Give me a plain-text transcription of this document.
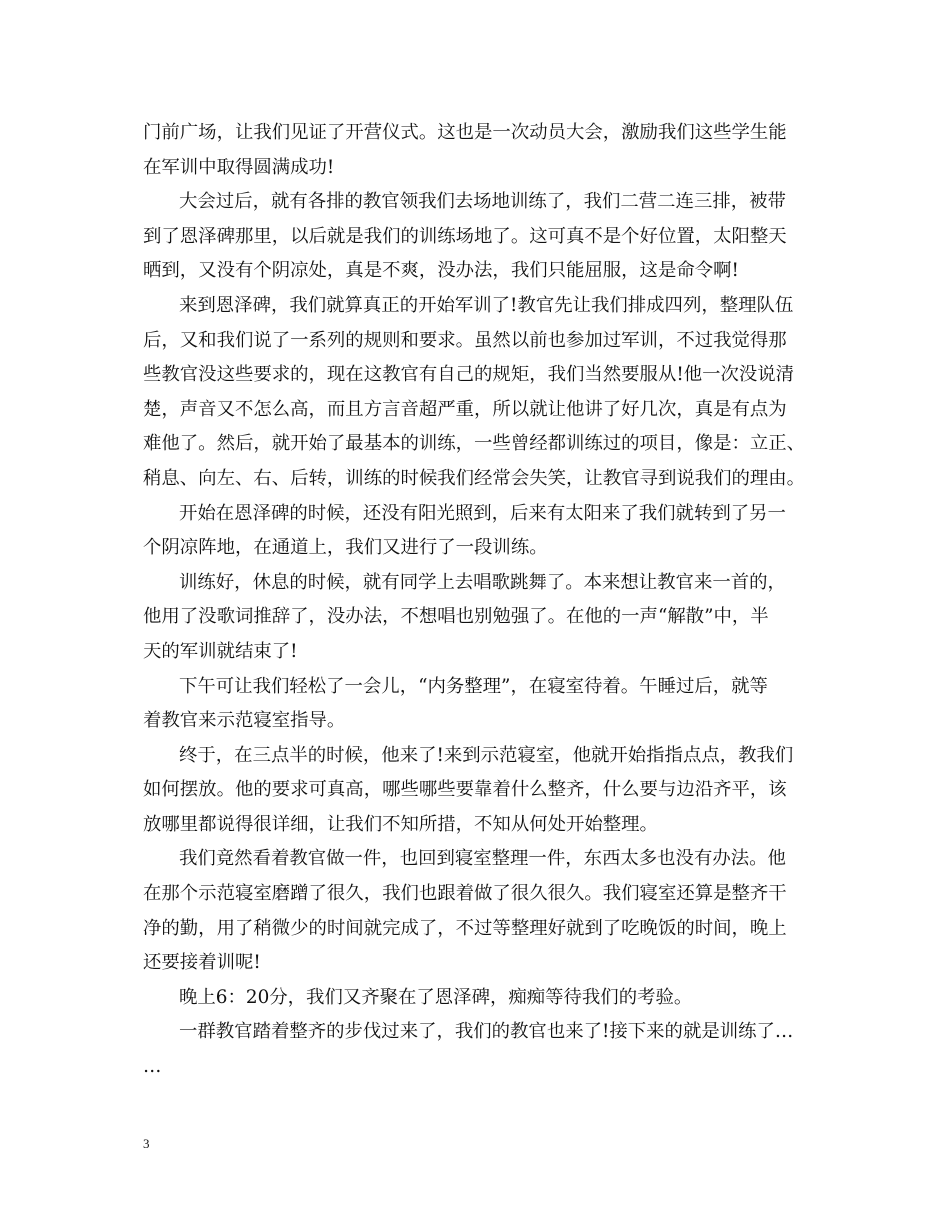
门前广场，让我们见证了开营仪式。这也是一次动员大会，激励我们这些学生能
在军训中取得圆满成功!
大会过后，就有各排的教官领我们去场地训练了，我们二营二连三排，被带
到了恩泽碑那里，以后就是我们的训练场地了。这可真不是个好位置，太阳整天
晒到，又没有个阴凉处，真是不爽，没办法，我们只能屈服，这是命令啊!
来到恩泽碑，我们就算真正的开始军训了!教官先让我们排成四列，整理队伍
后，又和我们说了一系列的规则和要求。虽然以前也参加过军训，不过我觉得那
些教官没这些要求的，现在这教官有自己的规矩，我们当然要服从!他一次没说清
楚，声音又不怎么高，而且方言音超严重，所以就让他讲了好几次，真是有点为
难他了。然后，就开始了最基本的训练，一些曾经都训练过的项目，像是：立正、
稍息、向左、右、后转，训练的时候我们经常会失笑，让教官寻到说我们的理由。
开始在恩泽碑的时候，还没有阳光照到，后来有太阳来了我们就转到了另一
个阴凉阵地，在通道上，我们又进行了一段训练。
训练好，休息的时候，就有同学上去唱歌跳舞了。本来想让教官来一首的，
他用了没歌词推辞了，没办法，不想唱也别勉强了。在他的一声“解散”中，半
天的军训就结束了!
下午可让我们轻松了一会儿，“内务整理”，在寝室待着。午睡过后，就等
着教官来示范寝室指导。
终于，在三点半的时候，他来了!来到示范寝室，他就开始指指点点，教我们
如何摆放。他的要求可真高，哪些哪些要靠着什么整齐，什么要与边沿齐平，该
放哪里都说得很详细，让我们不知所措，不知从何处开始整理。
我们竟然看着教官做一件，也回到寝室整理一件，东西太多也没有办法。他
在那个示范寝室磨蹭了很久，我们也跟着做了很久很久。我们寝室还算是整齐干
净的勤，用了稍微少的时间就完成了，不过等整理好就到了吃晚饭的时间，晚上
还要接着训呢!
晚上6：20分，我们又齐聚在了恩泽碑，痴痴等待我们的考验。
一群教官踏着整齐的步伐过来了，我们的教官也来了!接下来的就是训练了…
…
3
